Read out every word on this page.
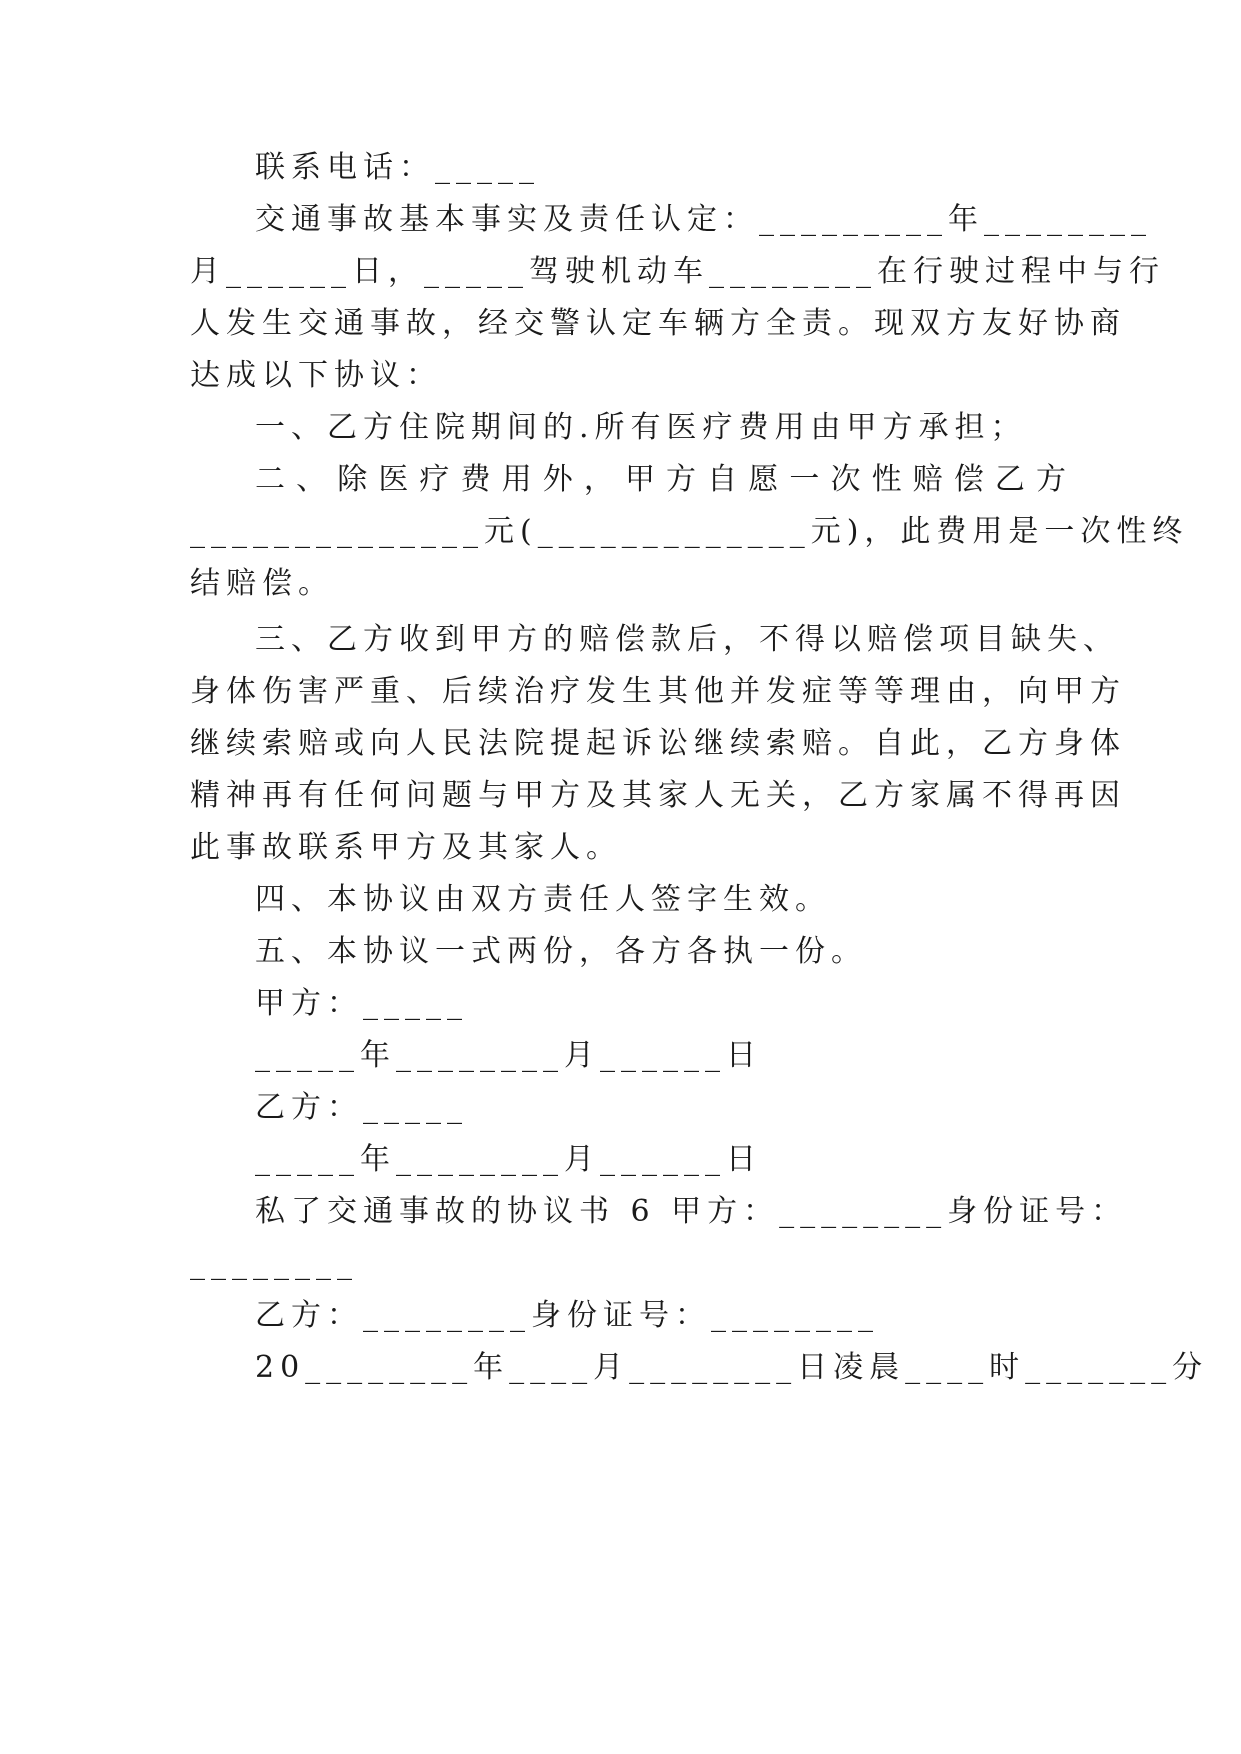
联系电话：_____
交通事故基本事实及责任认定：_________年________
月______日，_____驾驶机动车________在行驶过程中与行
人发生交通事故，经交警认定车辆方全责。现双方友好协商
达成以下协议：
一、乙方住院期间的.所有医疗费用由甲方承担；
二、除医疗费用外，甲方自愿一次性赔偿乙方
______________元(_____________元)，此费用是一次性终
结赔偿。
三、乙方收到甲方的赔偿款后，不得以赔偿项目缺失、
身体伤害严重、后续治疗发生其他并发症等等理由，向甲方
继续索赔或向人民法院提起诉讼继续索赔。自此，乙方身体
精神再有任何问题与甲方及其家人无关，乙方家属不得再因
此事故联系甲方及其家人。
四、本协议由双方责任人签字生效。
五、本协议一式两份，各方各执一份。
甲方：_____
_____年________月______日
乙方：_____
_____年________月______日
私了交通事故的协议书 6 甲方：________身份证号：
________
乙方：________身份证号：________
20________年____月________日凌晨____时_______分
